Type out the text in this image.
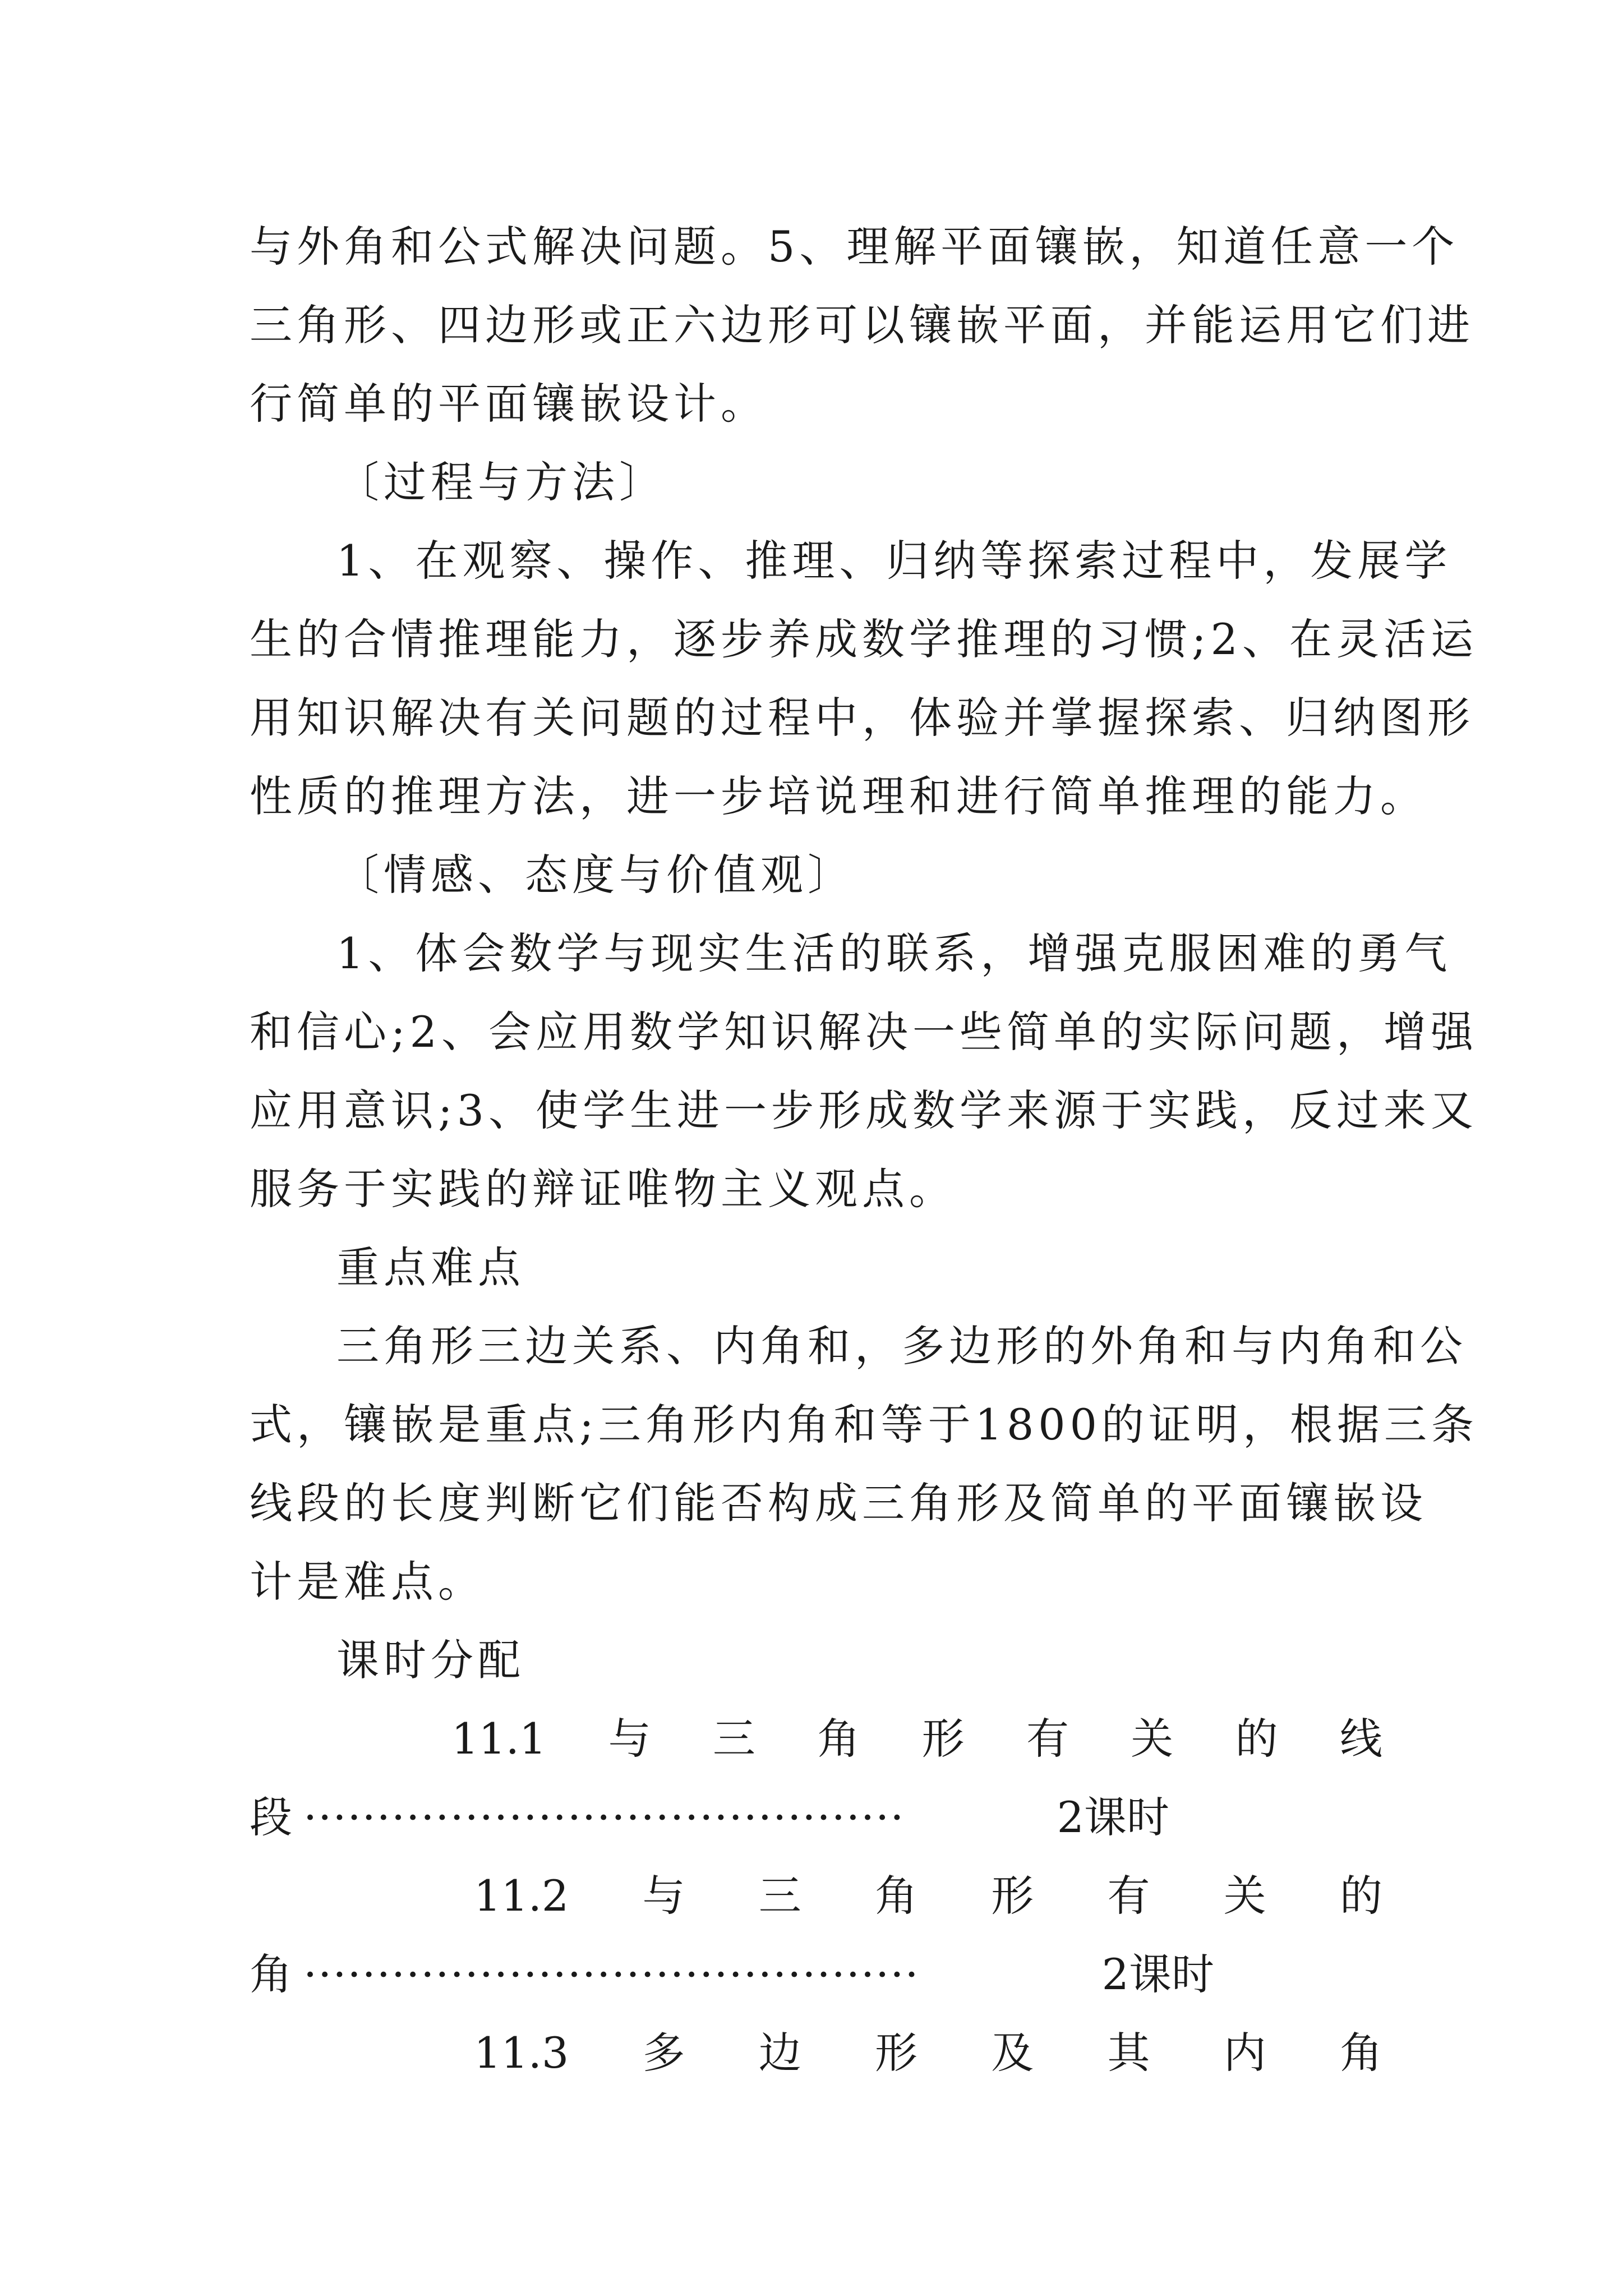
与外角和公式解决问题。5、理解平面镶嵌，知道任意一个
三角形、四边形或正六边形可以镶嵌平面，并能运用它们进
行简单的平面镶嵌设计。
〔过程与方法〕
1、在观察、操作、推理、归纳等探索过程中，发展学
生的合情推理能力，逐步养成数学推理的习惯;2、在灵活运
用知识解决有关问题的过程中，体验并掌握探索、归纳图形
性质的推理方法，进一步培说理和进行简单推理的能力。
〔情感、态度与价值观〕
1、体会数学与现实生活的联系，增强克服困难的勇气
和信心;2、会应用数学知识解决一些简单的实际问题，增强
应用意识;3、使学生进一步形成数学来源于实践，反过来又
服务于实践的辩证唯物主义观点。
重点难点
三角形三边关系、内角和，多边形的外角和与内角和公
式，镶嵌是重点;三角形内角和等于1800的证明，根据三条
线段的长度判断它们能否构成三角形及简单的平面镶嵌设
计是难点。
课时分配
11.1 与 三 角 形 有 关 的 线
段 ·········································	2课时
11.2 与 三 角 形 有 关 的
角 ··········································	2课时
11.3 多 边 形 及 其 内 角
